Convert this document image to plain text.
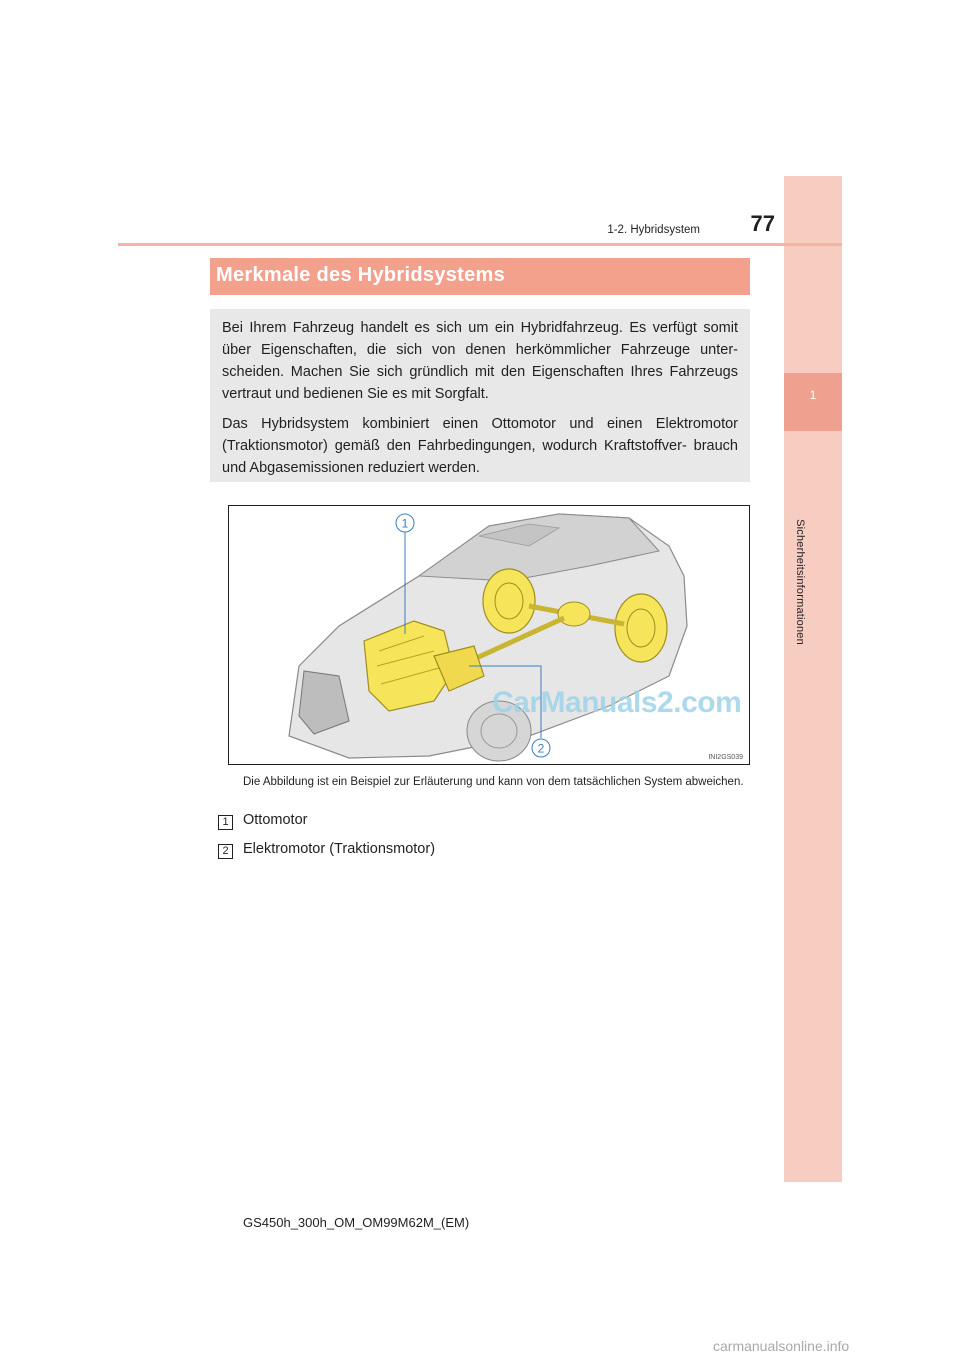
1
Sicherheitsinformationen
77
1-2. Hybridsystem
Merkmale des Hybridsystems

Bei Ihrem Fahrzeug handelt es sich um ein Hybridfahrzeug. Es verfügt somit über Eigenschaften, die sich von denen herkömmlicher Fahrzeuge unter- scheiden. Machen Sie sich gründlich mit den Eigenschaften Ihres Fahrzeugs vertraut und bedienen Sie es mit Sorgfalt.

Das Hybridsystem kombiniert einen Ottomotor und einen Elektromotor (Traktionsmotor) gemäß den Fahrbedingungen, wodurch Kraftstoffver- brauch und Abgasemissionen reduziert werden.

1
2
INI2GS039
CarManuals2.com
Die Abbildung ist ein Beispiel zur Erläuterung und kann von dem tatsächlichen System abweichen.
1 Ottomotor
2 Elektromotor (Traktionsmotor)
GS450h_300h_OM_OM99M62M_(EM)
carmanualsonline.info
